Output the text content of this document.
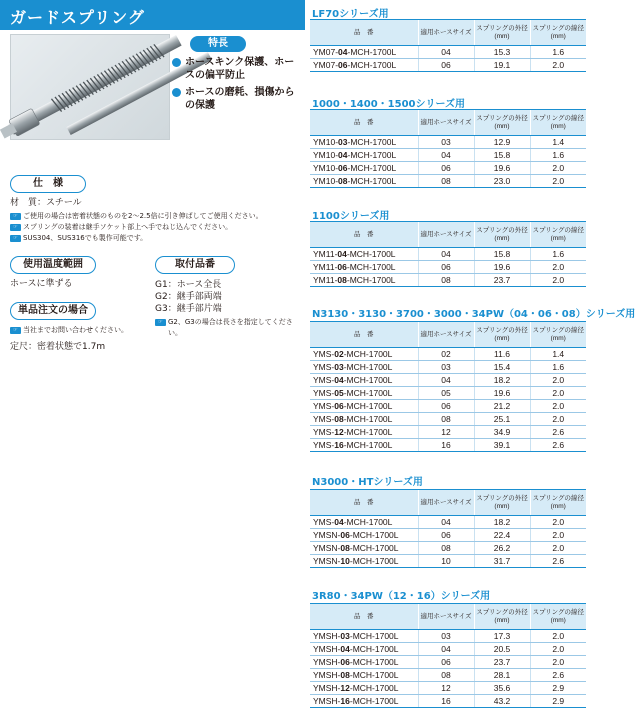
ガードスプリング
特長
ホースキンク保護、ホースの偏平防止
ホースの磨耗、損傷からの保護
仕　様
材　質：スチール
☞ ご使用の場合は密着状態のものを2～2.5倍に引き伸ばしてご使用ください。
☞ スプリングの装着は継手ソケット部上へ手でねじ込んでください。
☞ SUS304、SUS316でも製作可能です。
使用温度範囲
ホースに準ずる
単品注文の場合
☞ 当社までお問い合わせください。
定尺：密着状態で1.7m
取付品番
G1：ホース全長
G2：継手部両端
G3：継手部片端
☞ G2、G3の場合は長さを指定してください。
LF70シリーズ用
品　番	適用ホースサイズ	スプリングの外径(mm)	スプリングの線径(mm)
YM07-04-MCH-1700L	04	15.3	1.6
YM07-06-MCH-1700L	06	19.1	2.0
1000・1400・1500シリーズ用
品　番	適用ホースサイズ	スプリングの外径(mm)	スプリングの線径(mm)
YM10-03-MCH-1700L	03	12.9	1.4
YM10-04-MCH-1700L	04	15.8	1.6
YM10-06-MCH-1700L	06	19.6	2.0
YM10-08-MCH-1700L	08	23.0	2.0
1100シリーズ用
品　番	適用ホースサイズ	スプリングの外径(mm)	スプリングの線径(mm)
YM11-04-MCH-1700L	04	15.8	1.6
YM11-06-MCH-1700L	06	19.6	2.0
YM11-08-MCH-1700L	08	23.7	2.0
N3130・3130・3700・3000・34PW（04・06・08）シリーズ用
品　番	適用ホースサイズ	スプリングの外径(mm)	スプリングの線径(mm)
YMS-02-MCH-1700L	02	11.6	1.4
YMS-03-MCH-1700L	03	15.4	1.6
YMS-04-MCH-1700L	04	18.2	2.0
YMS-05-MCH-1700L	05	19.6	2.0
YMS-06-MCH-1700L	06	21.2	2.0
YMS-08-MCH-1700L	08	25.1	2.0
YMS-12-MCH-1700L	12	34.9	2.6
YMS-16-MCH-1700L	16	39.1	2.6
N3000・HTシリーズ用
品　番	適用ホースサイズ	スプリングの外径(mm)	スプリングの線径(mm)
YMS-04-MCH-1700L	04	18.2	2.0
YMSN-06-MCH-1700L	06	22.4	2.0
YMSN-08-MCH-1700L	08	26.2	2.0
YMSN-10-MCH-1700L	10	31.7	2.6
3R80・34PW（12・16）シリーズ用
品　番	適用ホースサイズ	スプリングの外径(mm)	スプリングの線径(mm)
YMSH-03-MCH-1700L	03	17.3	2.0
YMSH-04-MCH-1700L	04	20.5	2.0
YMSH-06-MCH-1700L	06	23.7	2.0
YMSH-08-MCH-1700L	08	28.1	2.6
YMSH-12-MCH-1700L	12	35.6	2.9
YMSH-16-MCH-1700L	16	43.2	2.9
